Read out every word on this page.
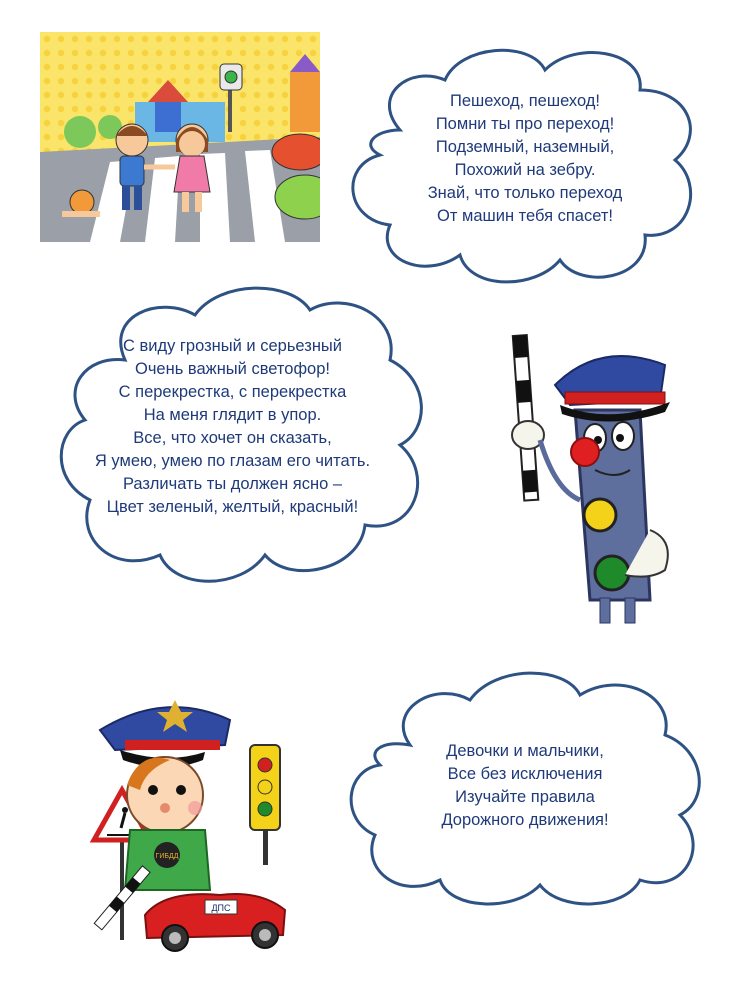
Пешеход, пешеход!
Помни ты про переход!
Подземный, наземный,
Похожий на зебру.
Знай, что только переход
От машин тебя спасет!
С виду грозный и серьезный
Очень важный светофор!
С перекрестка, с перекрестка
На меня глядит в упор.
Все, что хочет он сказать,
Я умею, умею по глазам его читать.
Различать ты должен ясно –
Цвет зеленый, желтый, красный!
Девочки и мальчики,
Все без исключения
Изучайте правила
Дорожного движения!
ГИБДД
ДПС
